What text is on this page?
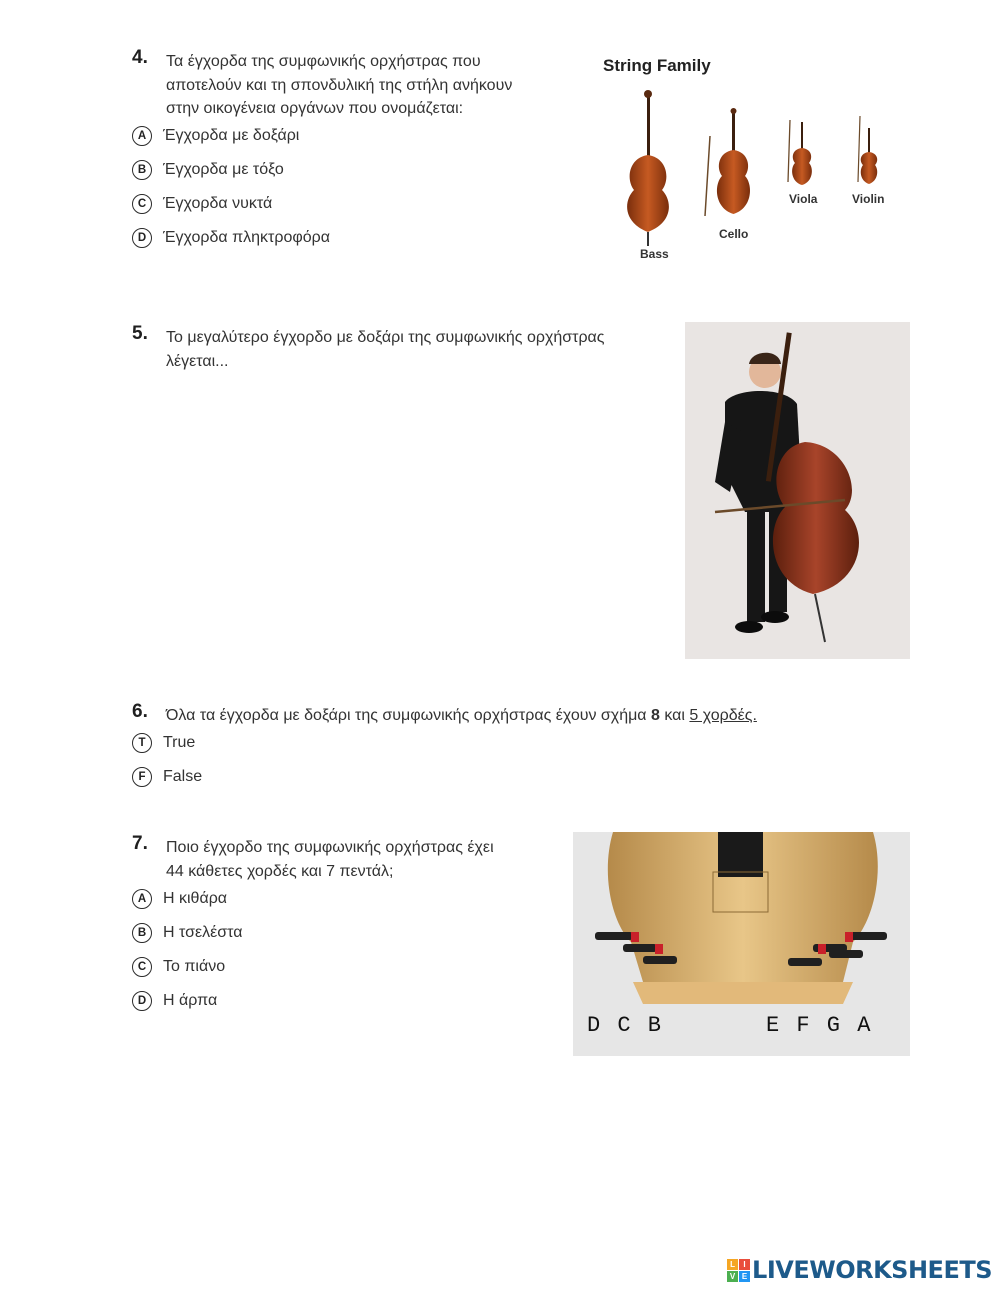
4. Τα έγχορδα της συμφωνικής ορχήστρας που
αποτελούν και τη σπονδυλική της στήλη ανήκουν
στην οικογένεια οργάνων που ονομάζεται:
A	Έγχορδα με δοξάρι
B	Έγχορδα με τόξο
C	Έγχορδα νυκτά
D	Έγχορδα πληκτροφόρα
String Family
Bass
Cello
Viola	Violin
5. Το μεγαλύτερο έγχορδο με δοξάρι της συμφωνικής ορχήστρας
λέγεται...
6. Όλα τα έγχορδα με δοξάρι της συμφωνικής ορχήστρας έχουν σχήμα 8 και 5 χορδές.
T	True
F	False
7. Ποιο έγχορδο της συμφωνικής ορχήστρας έχει
44 κάθετες χορδές και 7 πεντάλ;
A	Η κιθάρα
B	Η τσελέστα
C	Το πιάνο
D	Η άρπα
D C B	E F G A
L	I
V E LIVEWORKSHEETS
